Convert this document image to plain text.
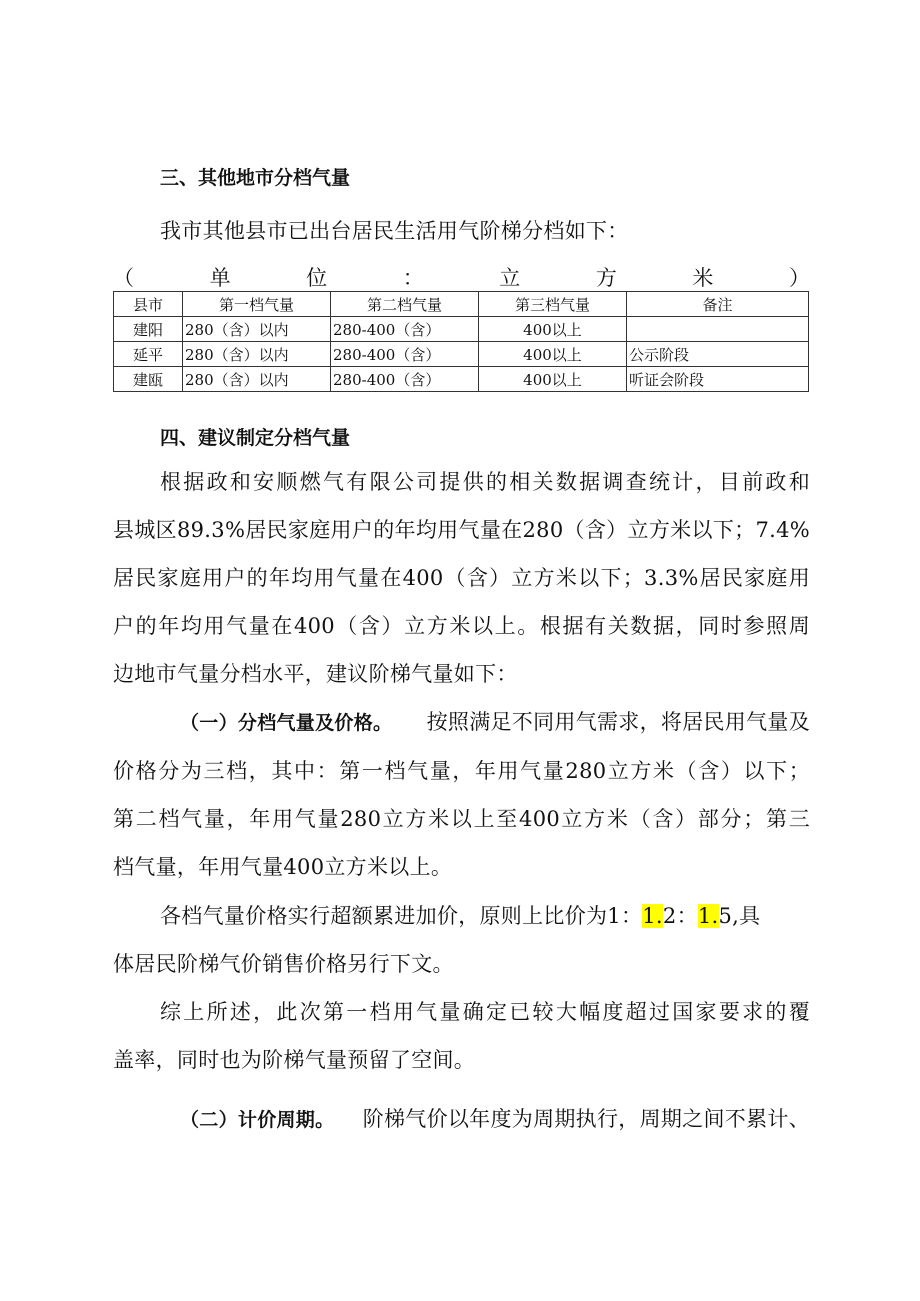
三、其他地市分档气量
我市其他县市已出台居民生活用气阶梯分档如下：
（	单	位	：	立	方	米	）
县市	第一档气量	第二档气量	第三档气量	备注
建阳	280（含）以内	280-400（含）	400以上	
延平	280（含）以内	280-400（含）	400以上	公示阶段
建瓯	280（含）以内	280-400（含）	400以上	听证会阶段
四、建议制定分档气量
根据政和安顺燃气有限公司提供的相关数据调查统计，目前政和
县城区89.3%居民家庭用户的年均用气量在280（含）立方米以下；7.4%
居民家庭用户的年均用气量在400（含）立方米以下；3.3%居民家庭用
户的年均用气量在400（含）立方米以上。根据有关数据，同时参照周
边地市气量分档水平，建议阶梯气量如下：
（一）分档气量及价格。 按照满足不同用气需求，将居民用气量及
价格分为三档，其中：第一档气量，年用气量280立方米（含）以下；
第二档气量，年用气量280立方米以上至400立方米（含）部分；第三
档气量，年用气量400立方米以上。
各档气量价格实行超额累进加价，原则上比价为1：1.2：1.5,具
体居民阶梯气价销售价格另行下文。
综上所述，此次第一档用气量确定已较大幅度超过国家要求的覆
盖率，同时也为阶梯气量预留了空间。
（二）计价周期。 阶梯气价以年度为周期执行，周期之间不累计、
